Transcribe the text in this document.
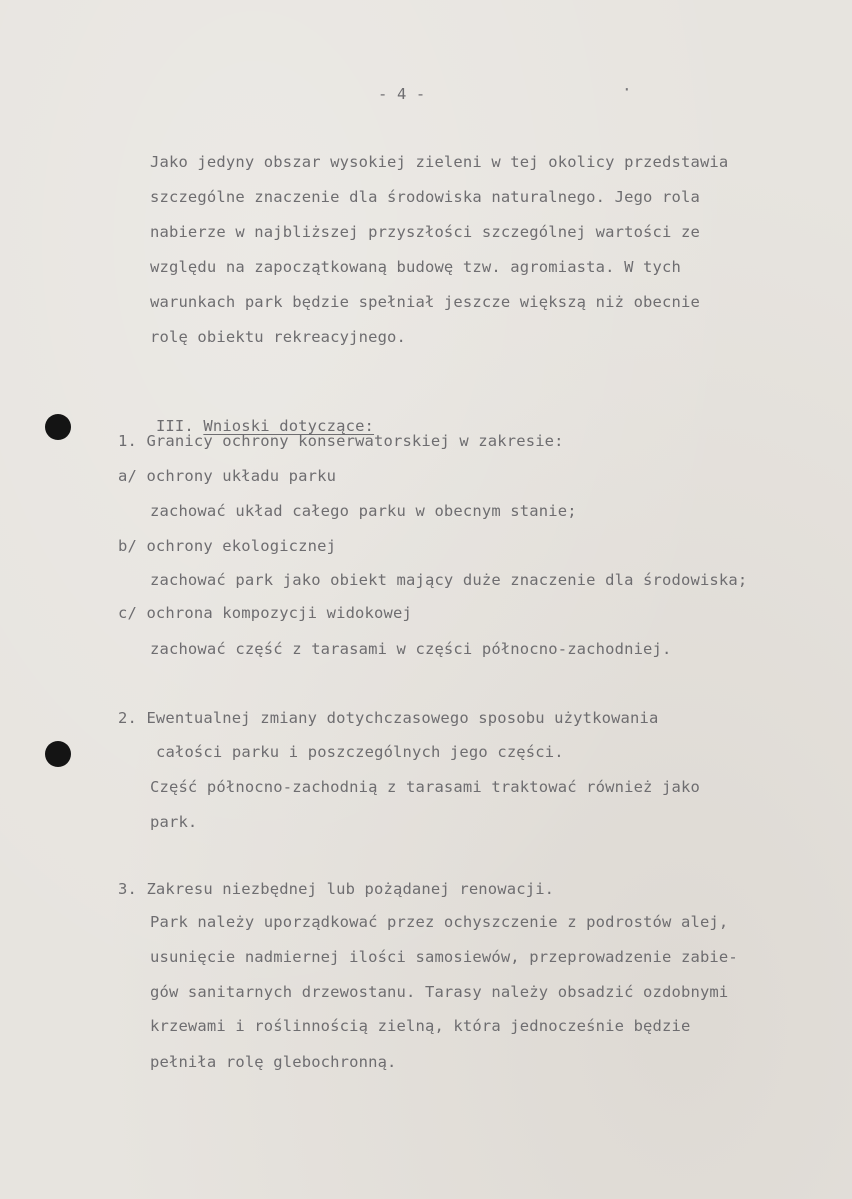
- 4 -	·
Jako jedyny obszar wysokiej zieleni w tej okolicy przedstawia
szczególne znaczenie dla środowiska naturalnego. Jego rola
nabierze w najbliższej przyszłości szczególnej wartości ze
względu na zapoczątkowaną budowę tzw. agromiasta. W tych
warunkach park będzie spełniał jeszcze większą niż obecnie
rolę obiektu rekreacyjnego.

III. Wnioski dotyczące:

1. Granicy ochrony konserwatorskiej w zakresie:
a/ ochrony układu parku
zachować układ całego parku w obecnym stanie;
b/ ochrony ekologicznej
zachować park jako obiekt mający duże znaczenie dla środowiska;
c/ ochrona kompozycji widokowej
zachować część z tarasami w części północno-zachodniej.
2. Ewentualnej zmiany dotychczasowego sposobu użytkowania
całości parku i poszczególnych jego części.
Część północno-zachodnią z tarasami traktować również jako
park.
3. Zakresu niezbędnej lub pożądanej renowacji.
Park należy uporządkować przez ochyszczenie z podrostów alej,
usunięcie nadmiernej ilości samosiewów, przeprowadzenie zabie-
gów sanitarnych drzewostanu. Tarasy należy obsadzić ozdobnymi
krzewami i roślinnością zielną, która jednocześnie będzie
pełniła rolę glebochronną.
